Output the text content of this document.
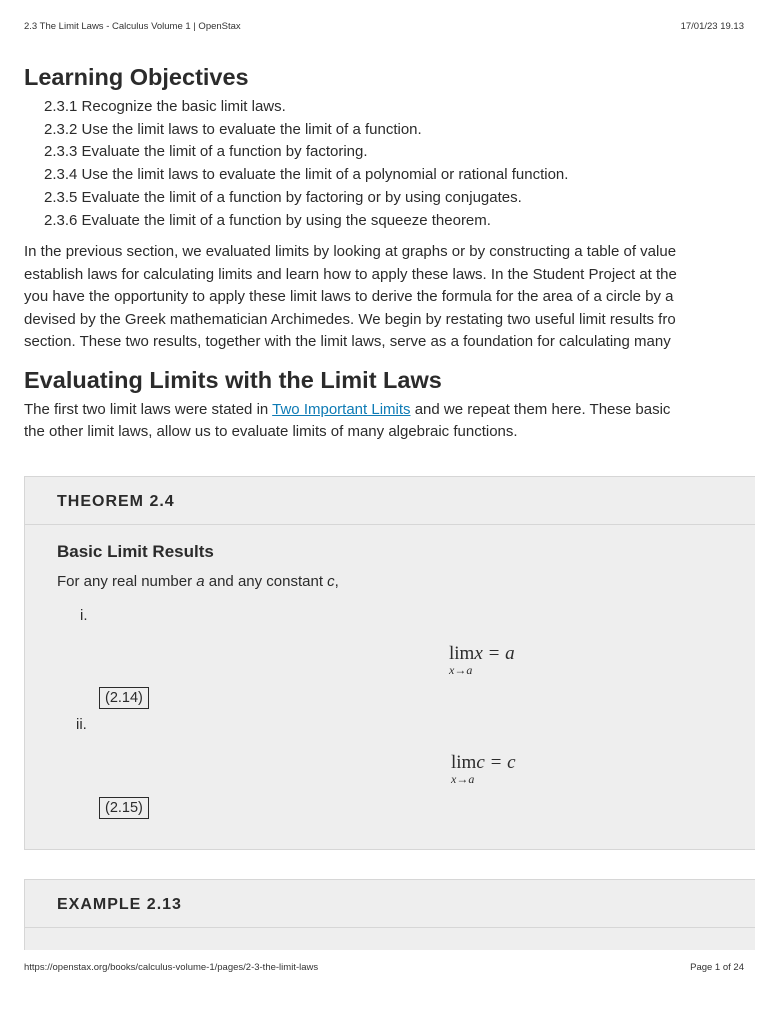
2.3 The Limit Laws - Calculus Volume 1 | OpenStax	17/01/23 19.13
Learning Objectives
2.3.1 Recognize the basic limit laws.
2.3.2 Use the limit laws to evaluate the limit of a function.
2.3.3 Evaluate the limit of a function by factoring.
2.3.4 Use the limit laws to evaluate the limit of a polynomial or rational function.
2.3.5 Evaluate the limit of a function by factoring or by using conjugates.
2.3.6 Evaluate the limit of a function by using the squeeze theorem.

In the previous section, we evaluated limits by looking at graphs or by constructing a table of value

establish laws for calculating limits and learn how to apply these laws. In the Student Project at the

you have the opportunity to apply these limit laws to derive the formula for the area of a circle by a

devised by the Greek mathematician Archimedes. We begin by restating two useful limit results fro

section. These two results, together with the limit laws, serve as a foundation for calculating many

Evaluating Limits with the Limit Laws

The first two limit laws were stated in Two Important Limits and we repeat them here. These basic

the other limit laws, allow us to evaluate limits of many algebraic functions.

THEOREM 2.4
Basic Limit Results

For any real number a and any constant c,

i.
limx = a
x→a
(2.14)
ii.
limc = c
x→a
(2.15)
EXAMPLE 2.13
https://openstax.org/books/calculus-volume-1/pages/2-3-the-limit-laws	Page 1 of 24
